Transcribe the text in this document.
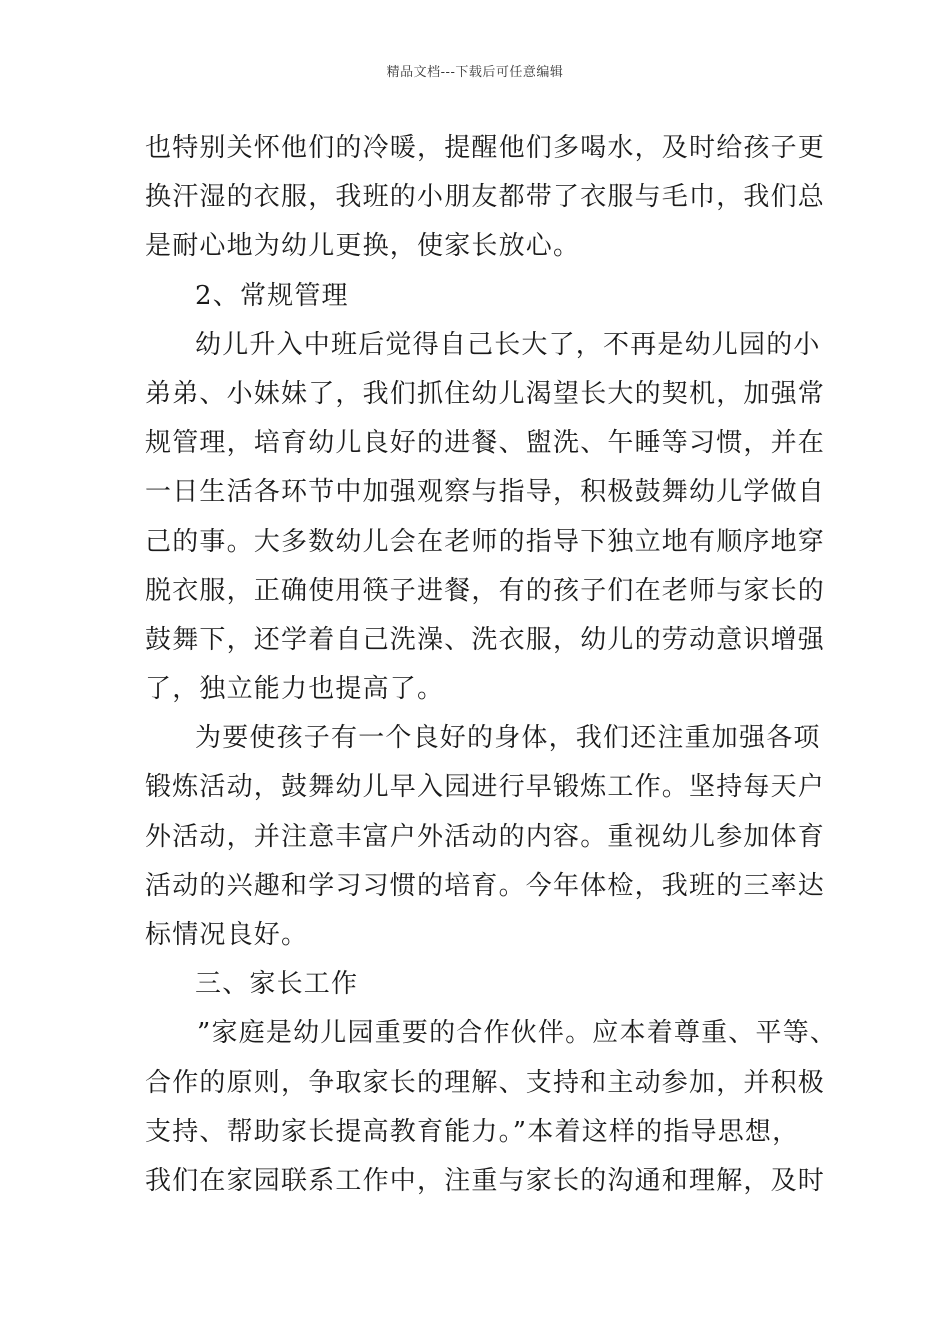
精品文档---下载后可任意编辑
也特别关怀他们的冷暖，提醒他们多喝水，及时给孩子更
换汗湿的衣服，我班的小朋友都带了衣服与毛巾，我们总
是耐心地为幼儿更换，使家长放心。
2、常规管理
幼儿升入中班后觉得自己长大了，不再是幼儿园的小
弟弟、小妹妹了，我们抓住幼儿渴望长大的契机，加强常
规管理，培育幼儿良好的进餐、盥洗、午睡等习惯，并在
一日生活各环节中加强观察与指导，积极鼓舞幼儿学做自
己的事。大多数幼儿会在老师的指导下独立地有顺序地穿
脱衣服，正确使用筷子进餐，有的孩子们在老师与家长的
鼓舞下，还学着自己洗澡、洗衣服，幼儿的劳动意识增强
了，独立能力也提高了。
为要使孩子有一个良好的身体，我们还注重加强各项
锻炼活动，鼓舞幼儿早入园进行早锻炼工作。坚持每天户
外活动，并注意丰富户外活动的内容。重视幼儿参加体育
活动的兴趣和学习习惯的培育。今年体检，我班的三率达
标情况良好。
三、家长工作
”家庭是幼儿园重要的合作伙伴。应本着尊重、平等、
合作的原则，争取家长的理解、支持和主动参加，并积极
支持、帮助家长提高教育能力。”本着这样的指导思想，
我们在家园联系工作中，注重与家长的沟通和理解，及时
